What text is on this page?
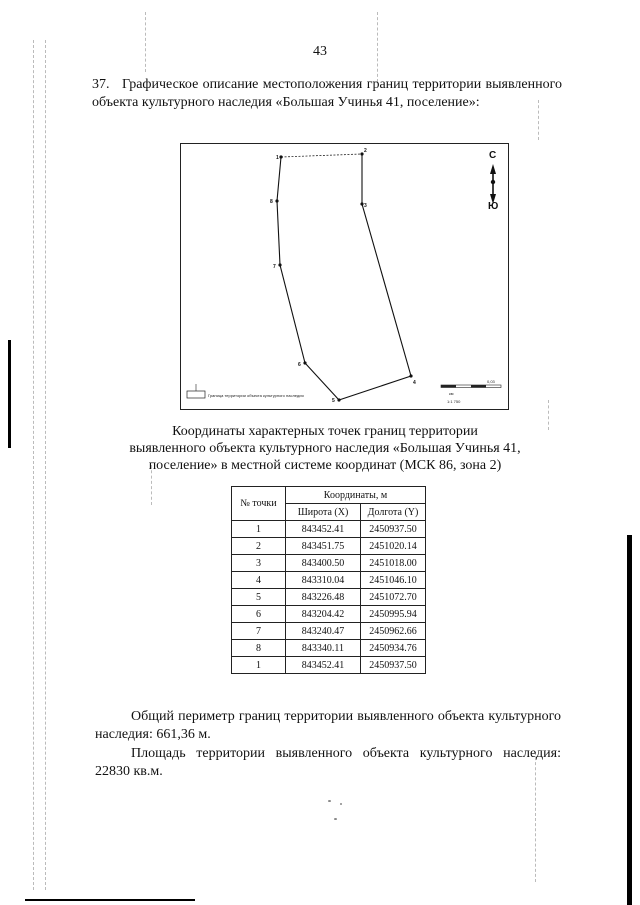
43
37. Графическое описание местоположения границ территории выявленного объекта культурного наследия «Большая Учинья 41, поселение»:
1
2
3
4
5
6
7
8
Граница территории объекта культурного наследия
0,03
км
1:1 750
С
Ю
Координаты характерных точек границ территории
выявленного объекта культурного наследия «Большая Учинья 41,
поселение» в местной системе координат (МСК 86, зона 2)
№ точки	Координаты, м	
	Широта (X)	Долгота (Y)
1	843452.41	2450937.50
2	843451.75	2451020.14
3	843400.50	2451018.00
4	843310.04	2451046.10
5	843226.48	2451072.70
6	843204.42	2450995.94
7	843240.47	2450962.66
8	843340.11	2450934.76
1	843452.41	2450937.50
Общий периметр границ территории выявленного объекта культурного наследия: 661,36 м.
Площадь территории выявленного объекта культурного наследия: 22830 кв.м.
